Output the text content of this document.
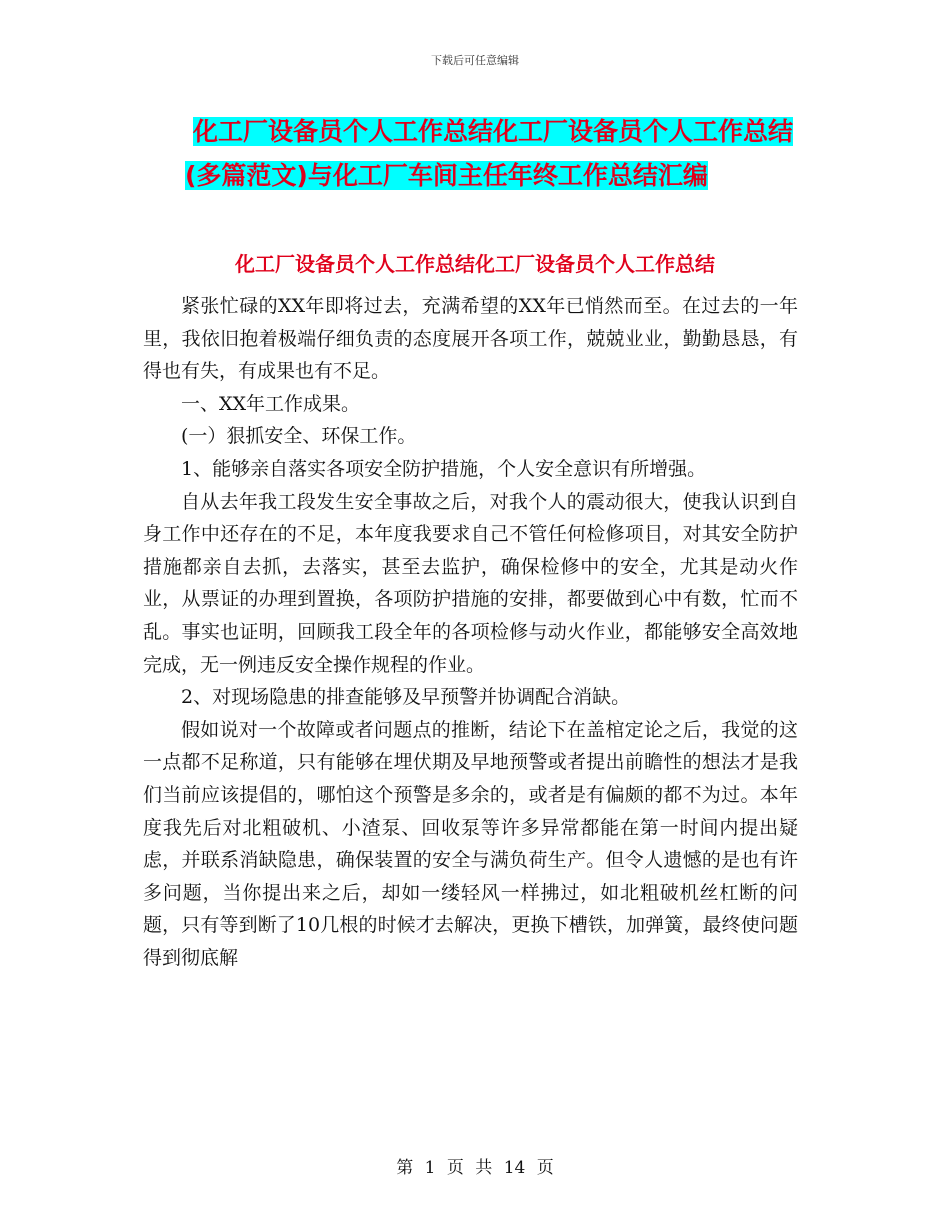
下载后可任意编辑
化工厂设备员个人工作总结化工厂设备员个人工作总结(多篇范文)与化工厂车间主任年终工作总结汇编
化工厂设备员个人工作总结化工厂设备员个人工作总结

紧张忙碌的XX年即将过去，充满希望的XX年已悄然而至。在过去的一年里，我依旧抱着极端仔细负责的态度展开各项工作，兢兢业业，勤勤恳恳，有得也有失，有成果也有不足。

一、XX年工作成果。

(一）狠抓安全、环保工作。

1、能够亲自落实各项安全防护措施，个人安全意识有所增强。

自从去年我工段发生安全事故之后，对我个人的震动很大，使我认识到自身工作中还存在的不足，本年度我要求自己不管任何检修项目，对其安全防护措施都亲自去抓，去落实，甚至去监护，确保检修中的安全，尤其是动火作业，从票证的办理到置换，各项防护措施的安排，都要做到心中有数，忙而不乱。事实也证明，回顾我工段全年的各项检修与动火作业，都能够安全高效地完成，无一例违反安全操作规程的作业。

2、对现场隐患的排查能够及早预警并协调配合消缺。

假如说对一个故障或者问题点的推断，结论下在盖棺定论之后，我觉的这一点都不足称道，只有能够在埋伏期及早地预警或者提出前瞻性的想法才是我们当前应该提倡的，哪怕这个预警是多余的，或者是有偏颇的都不为过。本年度我先后对北粗破机、小渣泵、回收泵等许多异常都能在第一时间内提出疑虑，并联系消缺隐患，确保装置的安全与满负荷生产。但令人遗憾的是也有许多问题，当你提出来之后，却如一缕轻风一样拂过，如北粗破机丝杠断的问题，只有等到断了10几根的时候才去解决，更换下槽铁，加弹簧，最终使问题得到彻底解

第 1 页 共 14 页
